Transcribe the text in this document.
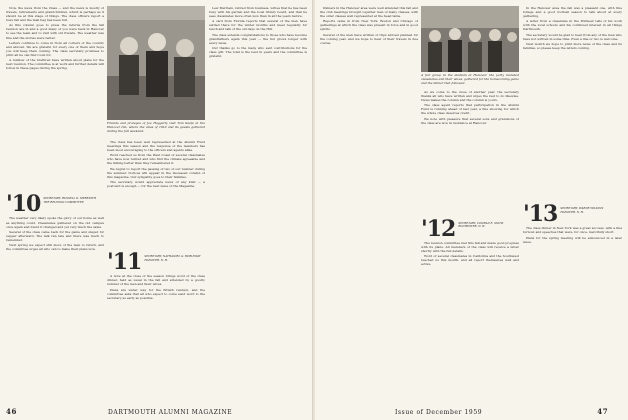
Now, the news from the Class — and the news is mostly of travels, retirements and grandchildren, which is perhaps as it should be at this stage of things. The class officers report a busy fall and the mail bag has been full.

As this column goes to press the returns from the fall reunion are in and a good many of you were back in Hanover to see the team and to visit with old friends. The weather was fine and the stories were better.

Letters continue to come in from all corners of the country and abroad. We are grateful for every one of them and hope you will keep them coming. The class secretary promises to print all he can find room for.

A number of the brethren have written about plans for the next reunion. The committee is at work and further details will follow in these pages during the spring.

'10 SECRETARY, RUSSELL D. MEREDITH
THE REUNION COMMITTEE

The weather very likely spoke the glory of our home as well as anything could. Classmates gathered on the old campus once again and found it changed and yet very much the same.

Several of the class came back for the game and stayed for supper afterward. The talk ran late and there was much to remember.

Next spring we expect still more of the men to return, and the committee urges all who can to make their plans now.

Friends and proteges of Joe Haggerty visit Tom Keefe at the Hanover Inn, where the class of 1910 and its guests gathered during the fall weekend.

The class has been well represented at the Alumni Fund meetings this season and the response of the members has been most encouraging to the officers and agents alike.

Word reached us from the West Coast of several classmates who have now retired and who find the climate agreeable and the fishing better than they remembered it.

We regret to report the passing of two of our number during the summer. Notices will appear in the Deceased column of this magazine. Our sympathy goes to their families.

The secretary would appreciate news of any kind — a postcard is enough — for the next issue of the Magazine.

'11 SECRETARY, NATHANIEL G. BURLEIGH
HANOVER, N. H.

A note at the close of the season brings word of the class dinner, held as usual in the fall and attended by a goodly number of the men and their wives.

Plans are under way for the fiftieth reunion, and the committee asks that all who expect to come send word to the secretary as early as possible.

Lew Merriam, retired from business, writes that he has been busy with his garden and the local library board, and that he sees classmates more often now than in all the years before.

A card from Florida reports that several of the men have settled there for the winter months and meet regularly for lunch and talk of the old days on the Hill.

The class extends congratulations to those who have become grandfathers again this year — the list grows longer with every issue.

Our thanks go to the many who sent contributions for the class gift. The total is the best in years and the committee is grateful.

46	DARTMOUTH ALUMNI MAGAZINE

Dinners in the Hanover area were well attended this fall and the club meetings brought together men of many classes, with the older classes well represented at the head table.

Reports came in from New York, Boston and Chicago of gatherings at which the class was present in force and in good spirits.

Several of the men have written of trips abroad planned for the coming year, and we hope to hear of their travels in due course.

A fair group in the stadium at Hanover: the party included classmates and their wives, gathered for the homecoming game and the dinner that followed.

As we come to the close of another year, the secretary thanks all who have written and urges the rest to do likewise. News makes the column and the column is yours.

The class agent reports that participation in the Alumni Fund is running ahead of last year, a fine showing for which the whole class deserves credit.

We note with pleasure that several sons and grandsons of the class are now in residence at Hanover.

'12 SECRETARY, CONRAD E. SNOW
ROCHESTER, N. H.

The reunion committee met this fall and made good progress with its plans. All members of the class will receive a letter shortly with the full details.

Word of several classmates in California and the Southwest reached us this month, and all report themselves well and active.

In the Hanover area the fall was a pleasant one, with fine foliage and a good football season to talk about at every gathering.

A letter from a classmate in the Midwest tells of his work with the local schools and his continued interest in all things Dartmouth.

The secretary would be glad to hear from any of the men who have not written in some time. Even a line or two is welcome.

Next month we hope to print more news of the class and its families, so please keep the letters coming.

'13 SECRETARY, WARDE WILKINS
HANOVER, N. H.

The class dinner in New York was a great success, with a fine turnout and speeches that were, for once, mercifully short.

Plans for the spring meeting will be announced in a later issue.

Issue of December 1959	47
